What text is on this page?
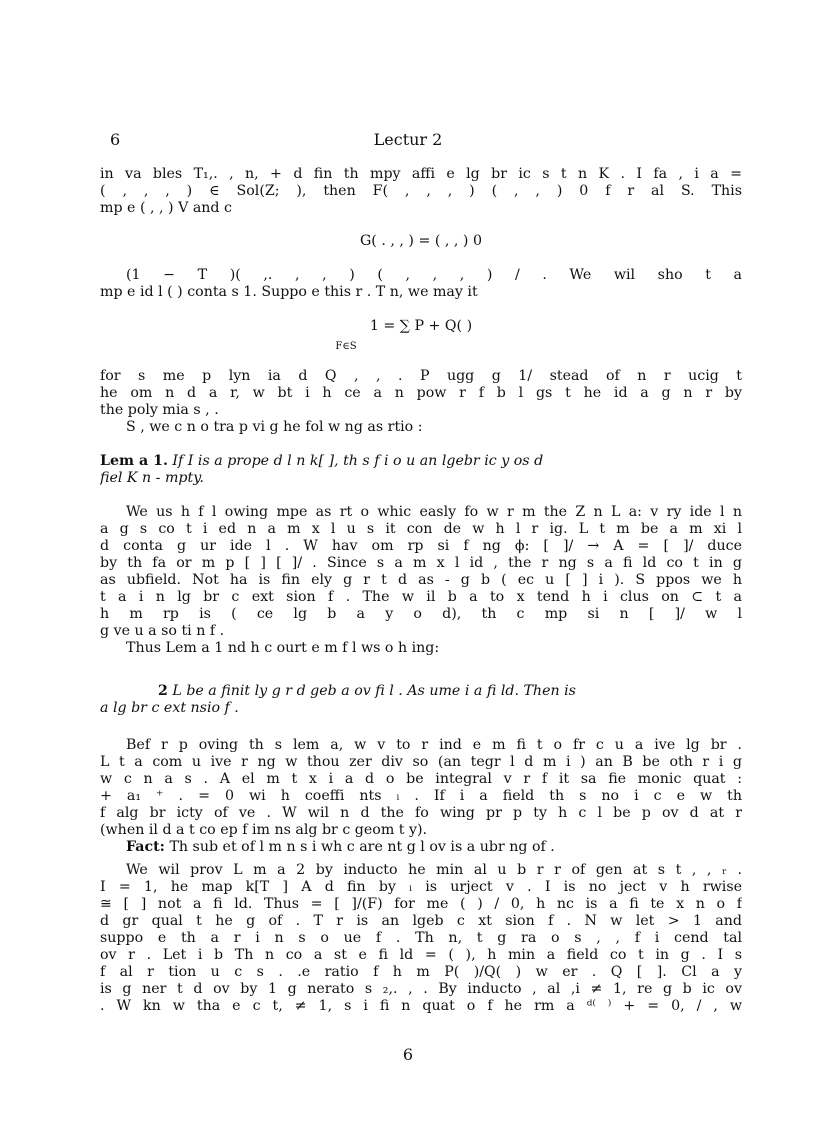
6	Lectur 2
in va bles T₁,. , n, + d fin th mpy affi e lg br ic s t n K . I fa , i a =
( , , , ) ∈ Sol(Z; ), then F( , , , ) ( , , ) 0 f r al S. This
mp e ( , , ) V and c
G( . , , ) = ( , , ) 0
(1 − T )( ,. , , ) ( , , , ) / . We wil sho t a
mp e id l ( ) conta s 1. Suppo e this r . T n, we may it
1 = ∑ P + Q( )
F∈S
for s me p lyn ia d Q , , . P ugg g 1/ stead of n r ucig t
he om n d a r, w bt i h ce a n pow r f b l gs t he id a g n r by
the poly mia s , .
S , we c n o tra p vi g he fol w ng as rtio :
Lem a 1. If I is a prope d l n k[ ], th s f i o u an lgebr ic y os d
fiel K n - mpty.
We us h f l owing mpe as rt o whic easly fo w r m the Z n L a: v ry ide l n
a g s co t i ed n a m x l u s it con de w h l r ig. L t m be a m xi l
d conta g ur ide l . W hav om rp si f ng ϕ: [ ]/ → A = [ ]/ duce
by th fa or m p [ ] [ ]/ . Since s a m x l id , the r ng s a fi ld co t in g
as ubfield. Not ha is fin ely g r t d as - g b ( ec u [ ] i ). S ppos we h
t a i n lg br c ext sion f . The w il b a to x tend h i clus on ⊂ t a
h m rp is ( ce lg b a y o d), th c mp si n [ ]/ w l
g ve u a so ti n f .
Thus Lem a 1 nd h c ourt e m f l ws o h ing:
2 L be a finit ly g r d geb a ov fi l . As ume i a fi ld. Then is
a lg br c ext nsio f .
Bef r p oving th s lem a, w v to r ind e m fi t o fr c u a ive lg br .
L t a com u ive r ng w thou zer div so (an tegr l d m i ) an B be oth r i g
w c n a s . A el m t x i a d o be integral v r f it sa fie monic quat :
+ a₁ ⁺ . = 0 wi h coeffi nts ᵢ . If i a field th s no i c e w th
f alg br icty of ve . W wil n d the fo wing pr p ty h c l be p ov d at r
(when il d a t co ep f im ns alg br c geom t y).
Fact: Th sub et of l m n s i wh c are nt g l ov is a ubr ng of .
We wil prov L m a 2 by inducto he min al u b r r of gen at s t , , ᵣ .
I = 1, he map k[T ] A d fin by ᵢ is urject v . I is no ject v h rwise
≅ [ ] not a fi ld. Thus = [ ]/(F) for me ( ) / 0, h nc is a fi te x n o f
d gr qual t he g of . T r is an lgeb c xt sion f . N w let > 1 and
suppo e th a r i n s o ue f . Th n, t g ra o s , , f i cend tal
ov r . Let i b Th n co a st e fi ld = ( ), h min a field co t in g . I s
f al r tion u c s . .e ratio f h m P( )/Q( ) w er . Q [ ]. Cl a y
is g ner t d ov by 1 g nerato s ₂,. , . By inducto , al ,i ≠ 1, re g b ic ov
. W kn w tha e c t, ≠ 1, s i fi n quat o f he rm a ᵈ⁽ ⁾ + = 0, / , w
6
